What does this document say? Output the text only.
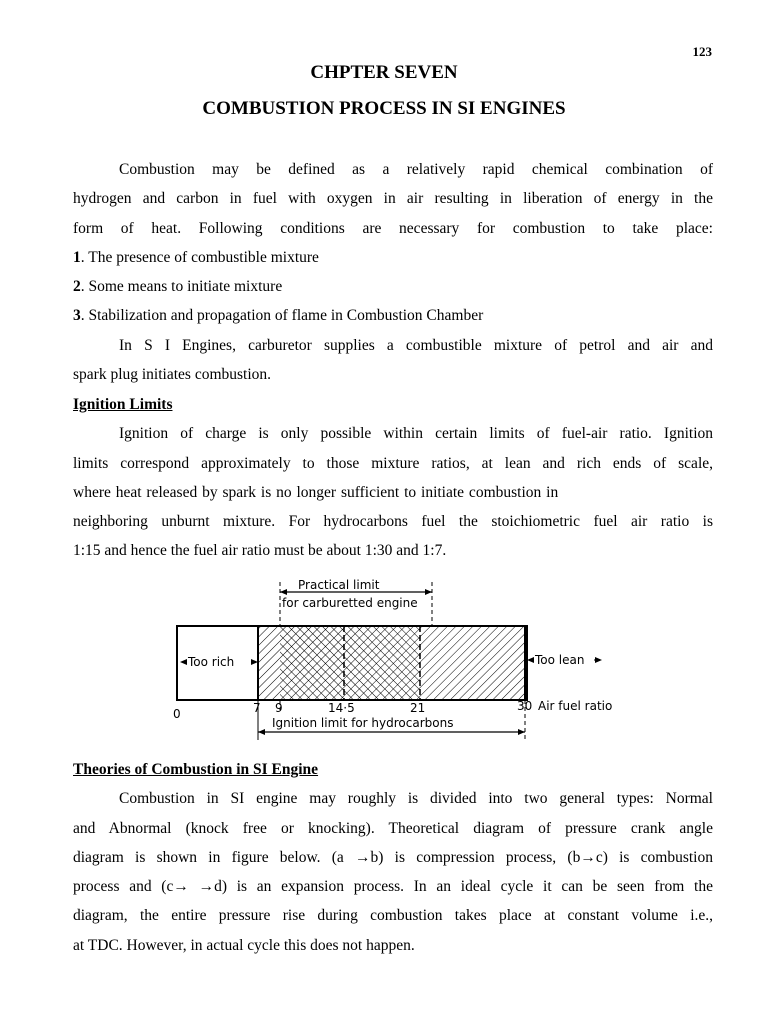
123
CHPTER SEVEN
COMBUSTION PROCESS IN SI ENGINES
Combustion may be defined as a relatively rapid chemical combination of
hydrogen and carbon in fuel with oxygen in air resulting in liberation of energy in the
form of heat. Following conditions are necessary for combustion to take place:
1. The presence of combustible mixture
2. Some means to initiate mixture
3. Stabilization and propagation of flame in Combustion Chamber
In S I Engines, carburetor supplies a combustible mixture of petrol and air and
spark plug initiates combustion.
Ignition Limits
Ignition of charge is only possible within certain limits of fuel-air ratio. Ignition
limits correspond approximately to those mixture ratios, at lean and rich ends of scale,
where heat released by spark is no longer sufficient to initiate combustion in
neighboring unburnt mixture. For hydrocarbons fuel the stoichiometric fuel air ratio is
1:15 and hence the fuel air ratio must be about 1:30 and 1:7.
Practical limit
for carburetted engine
Too rich	Too lean
0	7 9	14·5	21	30 Air fuel ratio
Ignition limit for hydrocarbons
Theories of Combustion in SI Engine
Combustion in SI engine may roughly is divided into two general types: Normal
and Abnormal (knock free or knocking). Theoretical diagram of pressure crank angle
diagram is shown in figure below. (a →b) is compression process, (b→c) is combustion
process and (c→ →d) is an expansion process. In an ideal cycle it can be seen from the
diagram, the entire pressure rise during combustion takes place at constant volume i.e.,
at TDC. However, in actual cycle this does not happen.
